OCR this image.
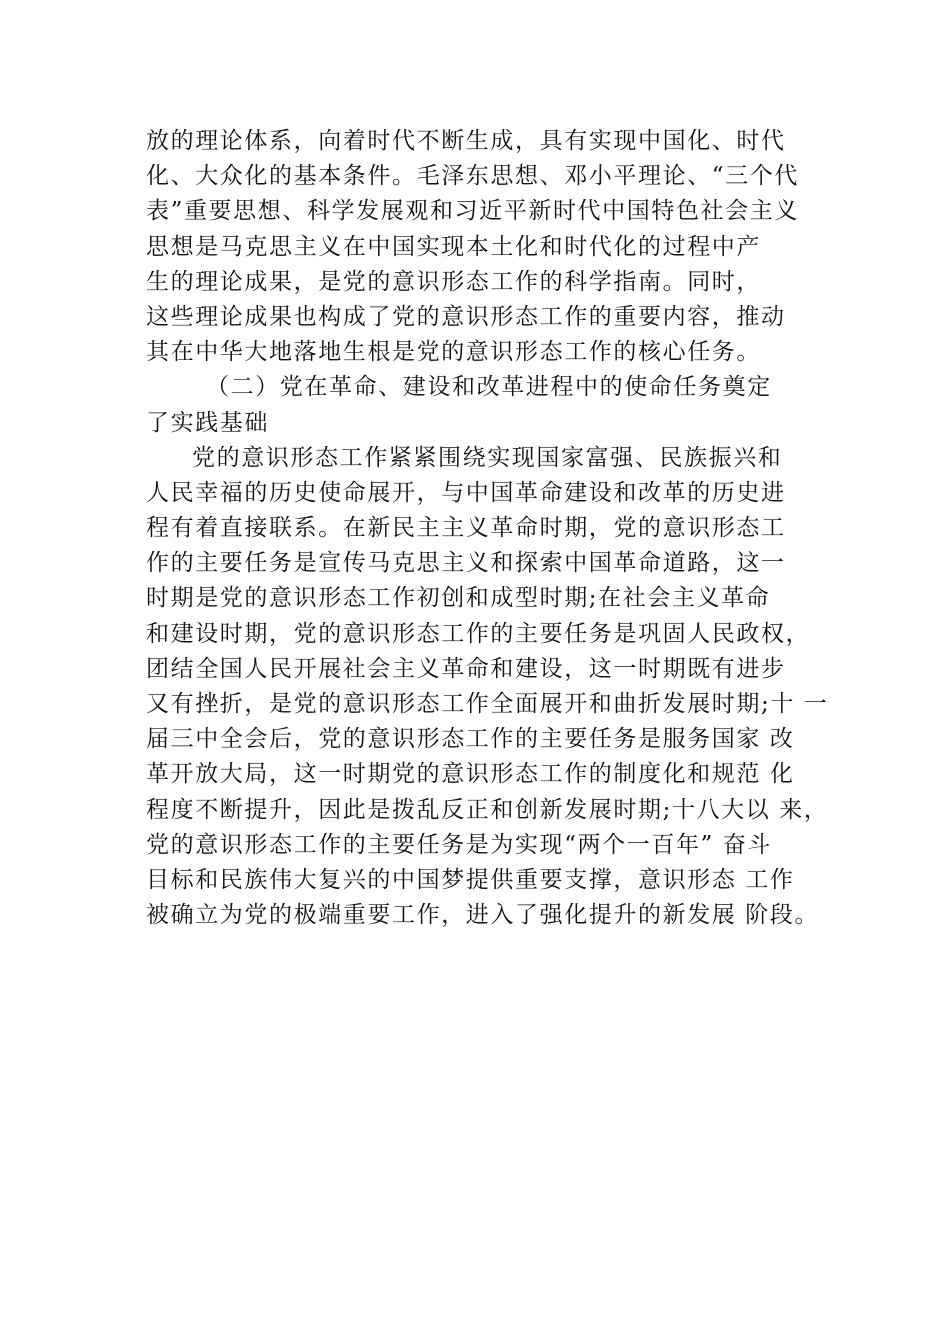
放的理论体系，向着时代不断生成，具有实现中国化、时代
化、大众化的基本条件。毛泽东思想、邓小平理论、“三个代
表”重要思想、科学发展观和习近平新时代中国特色社会主义
思想是马克思主义在中国实现本土化和时代化的过程中产
生的理论成果，是党的意识形态工作的科学指南。同时，
这些理论成果也构成了党的意识形态工作的重要内容，推动
其在中华大地落地生根是党的意识形态工作的核心任务。
（二）党在革命、建设和改革进程中的使命任务奠定
了实践基础
党的意识形态工作紧紧围绕实现国家富强、民族振兴和
人民幸福的历史使命展开，与中国革命建设和改革的历史进
程有着直接联系。在新民主主义革命时期，党的意识形态工
作的主要任务是宣传马克思主义和探索中国革命道路，这一
时期是党的意识形态工作初创和成型时期;在社会主义革命
和建设时期，党的意识形态工作的主要任务是巩固人民政权，
团结全国人民开展社会主义革命和建设，这一时期既有进步
又有挫折，是党的意识形态工作全面展开和曲折发展时期;十 一
届三中全会后，党的意识形态工作的主要任务是服务国家 改
革开放大局，这一时期党的意识形态工作的制度化和规范 化
程度不断提升，因此是拨乱反正和创新发展时期;十八大以 来，
党的意识形态工作的主要任务是为实现“两个一百年” 奋斗
目标和民族伟大复兴的中国梦提供重要支撑，意识形态 工作
被确立为党的极端重要工作，进入了强化提升的新发展 阶段。
